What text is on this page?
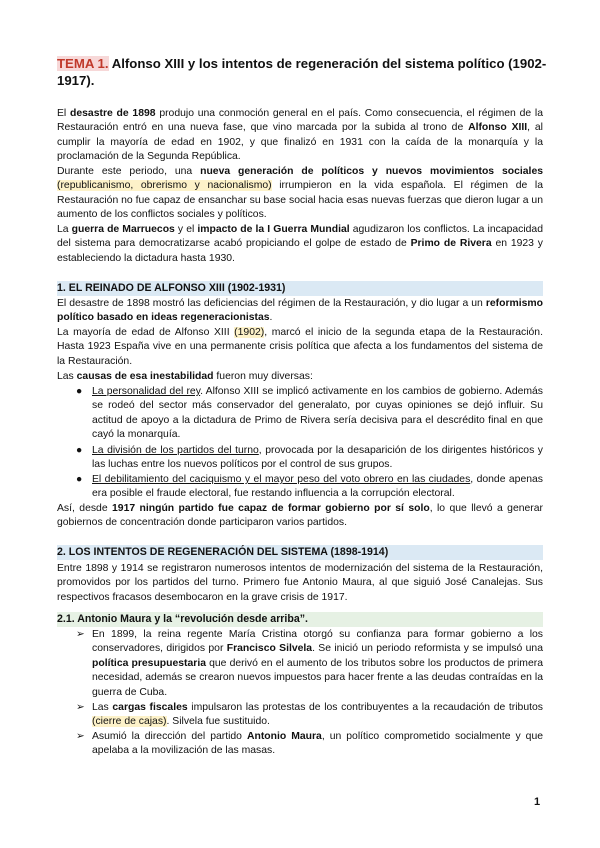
TEMA 1. Alfonso XIII y los intentos de regeneración del sistema político (1902-1917).
El desastre de 1898 produjo una conmoción general en el país. Como consecuencia, el régimen de la Restauración entró en una nueva fase, que vino marcada por la subida al trono de Alfonso XIII, al cumplir la mayoría de edad en 1902, y que finalizó en 1931 con la caída de la monarquía y la proclamación de la Segunda República.
Durante este periodo, una nueva generación de políticos y nuevos movimientos sociales (republicanismo, obrerismo y nacionalismo) irrumpieron en la vida española. El régimen de la Restauración no fue capaz de ensanchar su base social hacia esas nuevas fuerzas que dieron lugar a un aumento de los conflictos sociales y políticos.
La guerra de Marruecos y el impacto de la I Guerra Mundial agudizaron los conflictos. La incapacidad del sistema para democratizarse acabó propiciando el golpe de estado de Primo de Rivera en 1923 y estableciendo la dictadura hasta 1930.
1. EL REINADO DE ALFONSO XIII (1902-1931)
El desastre de 1898 mostró las deficiencias del régimen de la Restauración, y dio lugar a un reformismo político basado en ideas regeneracionistas.
La mayoría de edad de Alfonso XIII (1902), marcó el inicio de la segunda etapa de la Restauración. Hasta 1923 España vive en una permanente crisis política que afecta a los fundamentos del sistema de la Restauración.
Las causas de esa inestabilidad fueron muy diversas:
● La personalidad del rey. Alfonso XIII se implicó activamente en los cambios de gobierno. Además se rodeó del sector más conservador del generalato, por cuyas opiniones se dejó influir. Su actitud de apoyo a la dictadura de Primo de Rivera sería decisiva para el descrédito final en que cayó la monarquía.
● La división de los partidos del turno, provocada por la desaparición de los dirigentes históricos y las luchas entre los nuevos políticos por el control de sus grupos.
● El debilitamiento del caciquismo y el mayor peso del voto obrero en las ciudades, donde apenas era posible el fraude electoral, fue restando influencia a la corrupción electoral.
Así, desde 1917 ningún partido fue capaz de formar gobierno por sí solo, lo que llevó a generar gobiernos de concentración donde participaron varios partidos.
2. LOS INTENTOS DE REGENERACIÓN DEL SISTEMA (1898-1914)
Entre 1898 y 1914 se registraron numerosos intentos de modernización del sistema de la Restauración, promovidos por los partidos del turno. Primero fue Antonio Maura, al que siguió José Canalejas. Sus respectivos fracasos desembocaron en la grave crisis de 1917.
2.1. Antonio Maura y la “revolución desde arriba”.
➢ En 1899, la reina regente María Cristina otorgó su confianza para formar gobierno a los conservadores, dirigidos por Francisco Silvela. Se inició un periodo reformista y se impulsó una política presupuestaria que derivó en el aumento de los tributos sobre los productos de primera necesidad, además se crearon nuevos impuestos para hacer frente a las deudas contraídas en la guerra de Cuba.
➢ Las cargas fiscales impulsaron las protestas de los contribuyentes a la recaudación de tributos (cierre de cajas). Silvela fue sustituido.
➢ Asumió la dirección del partido Antonio Maura, un político comprometido socialmente y que apelaba a la movilización de las masas.
1
